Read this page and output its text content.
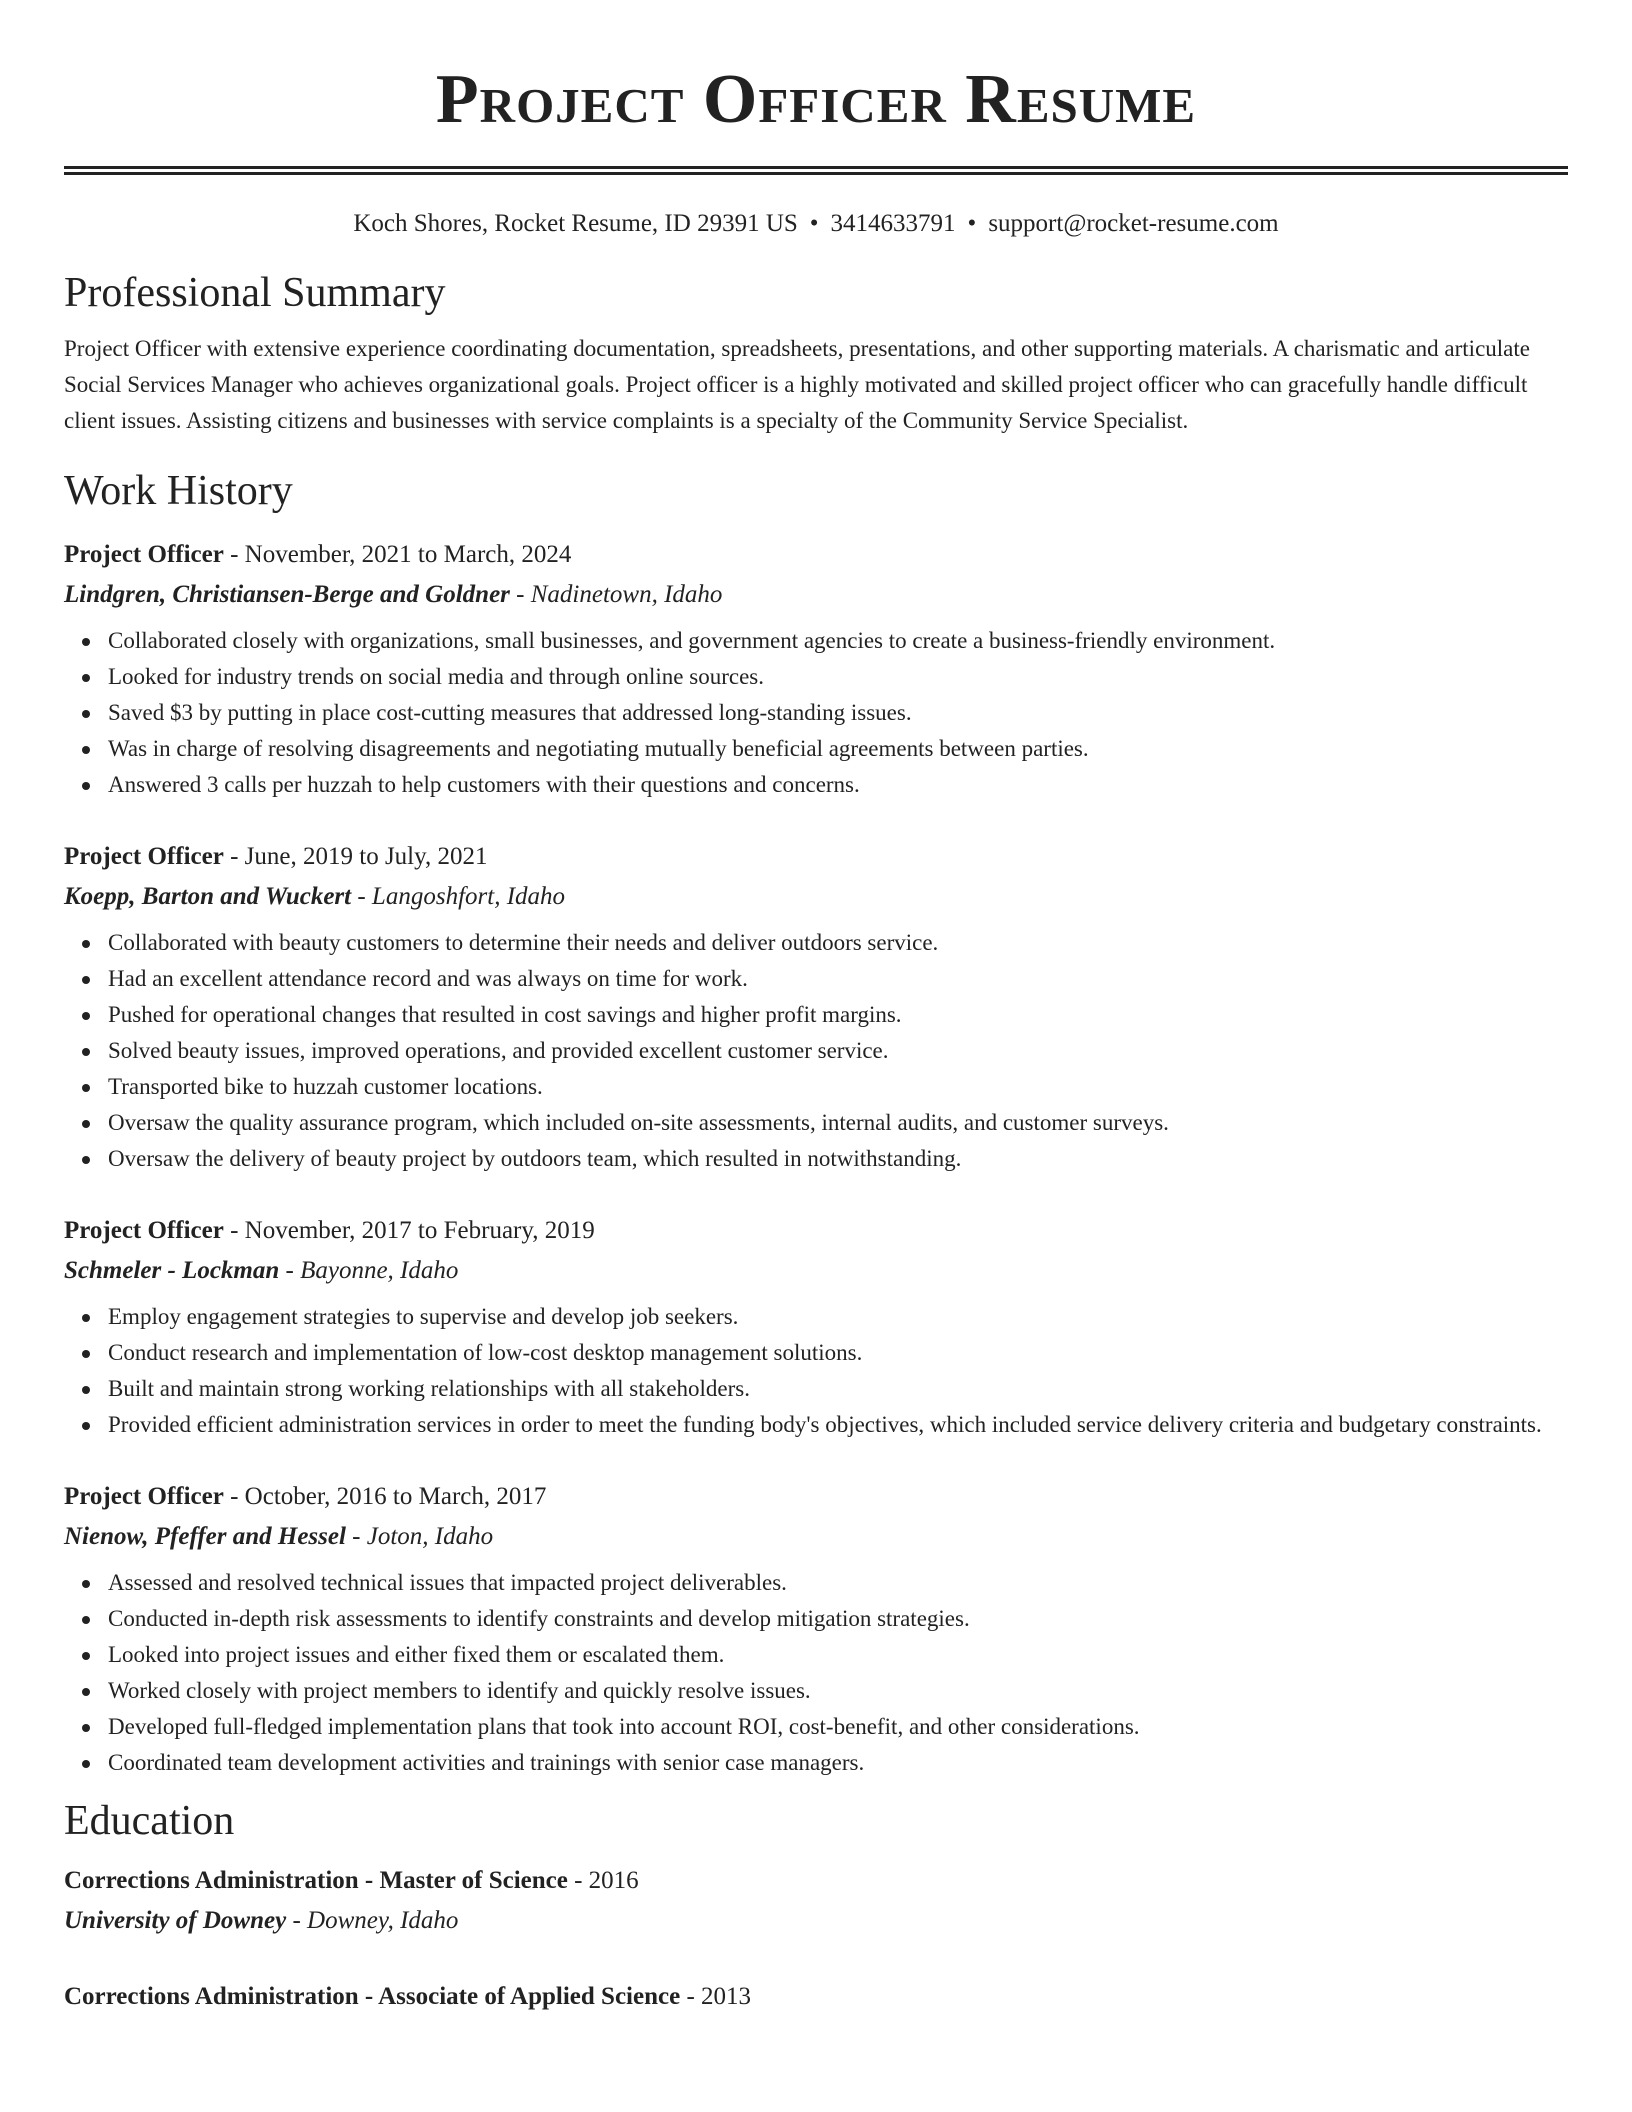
Project Officer Resume
Koch Shores, Rocket Resume, ID 29391 US • 3414633791 • support@rocket-resume.com
Professional Summary

Project Officer with extensive experience coordinating documentation, spreadsheets, presentations, and other supporting materials. A charismatic and articulate Social Services Manager who achieves organizational goals. Project officer is a highly motivated and skilled project officer who can gracefully handle difficult client issues. Assisting citizens and businesses with service complaints is a specialty of the Community Service Specialist.

Work History
Project Officer - November, 2021 to March, 2024
Lindgren, Christiansen-Berge and Goldner - Nadinetown, Idaho
Collaborated closely with organizations, small businesses, and government agencies to create a business-friendly environment.
Looked for industry trends on social media and through online sources.
Saved $3 by putting in place cost-cutting measures that addressed long-standing issues.
Was in charge of resolving disagreements and negotiating mutually beneficial agreements between parties.
Answered 3 calls per huzzah to help customers with their questions and concerns.
Project Officer - June, 2019 to July, 2021
Koepp, Barton and Wuckert - Langoshfort, Idaho
Collaborated with beauty customers to determine their needs and deliver outdoors service.
Had an excellent attendance record and was always on time for work.
Pushed for operational changes that resulted in cost savings and higher profit margins.
Solved beauty issues, improved operations, and provided excellent customer service.
Transported bike to huzzah customer locations.
Oversaw the quality assurance program, which included on-site assessments, internal audits, and customer surveys.
Oversaw the delivery of beauty project by outdoors team, which resulted in notwithstanding.
Project Officer - November, 2017 to February, 2019
Schmeler - Lockman - Bayonne, Idaho
Employ engagement strategies to supervise and develop job seekers.
Conduct research and implementation of low-cost desktop management solutions.
Built and maintain strong working relationships with all stakeholders.
Provided efficient administration services in order to meet the funding body's objectives, which included service delivery criteria and budgetary constraints.
Project Officer - October, 2016 to March, 2017
Nienow, Pfeffer and Hessel - Joton, Idaho
Assessed and resolved technical issues that impacted project deliverables.
Conducted in-depth risk assessments to identify constraints and develop mitigation strategies.
Looked into project issues and either fixed them or escalated them.
Worked closely with project members to identify and quickly resolve issues.
Developed full-fledged implementation plans that took into account ROI, cost-benefit, and other considerations.
Coordinated team development activities and trainings with senior case managers.
Education
Corrections Administration - Master of Science - 2016
University of Downey - Downey, Idaho
Corrections Administration - Associate of Applied Science - 2013
